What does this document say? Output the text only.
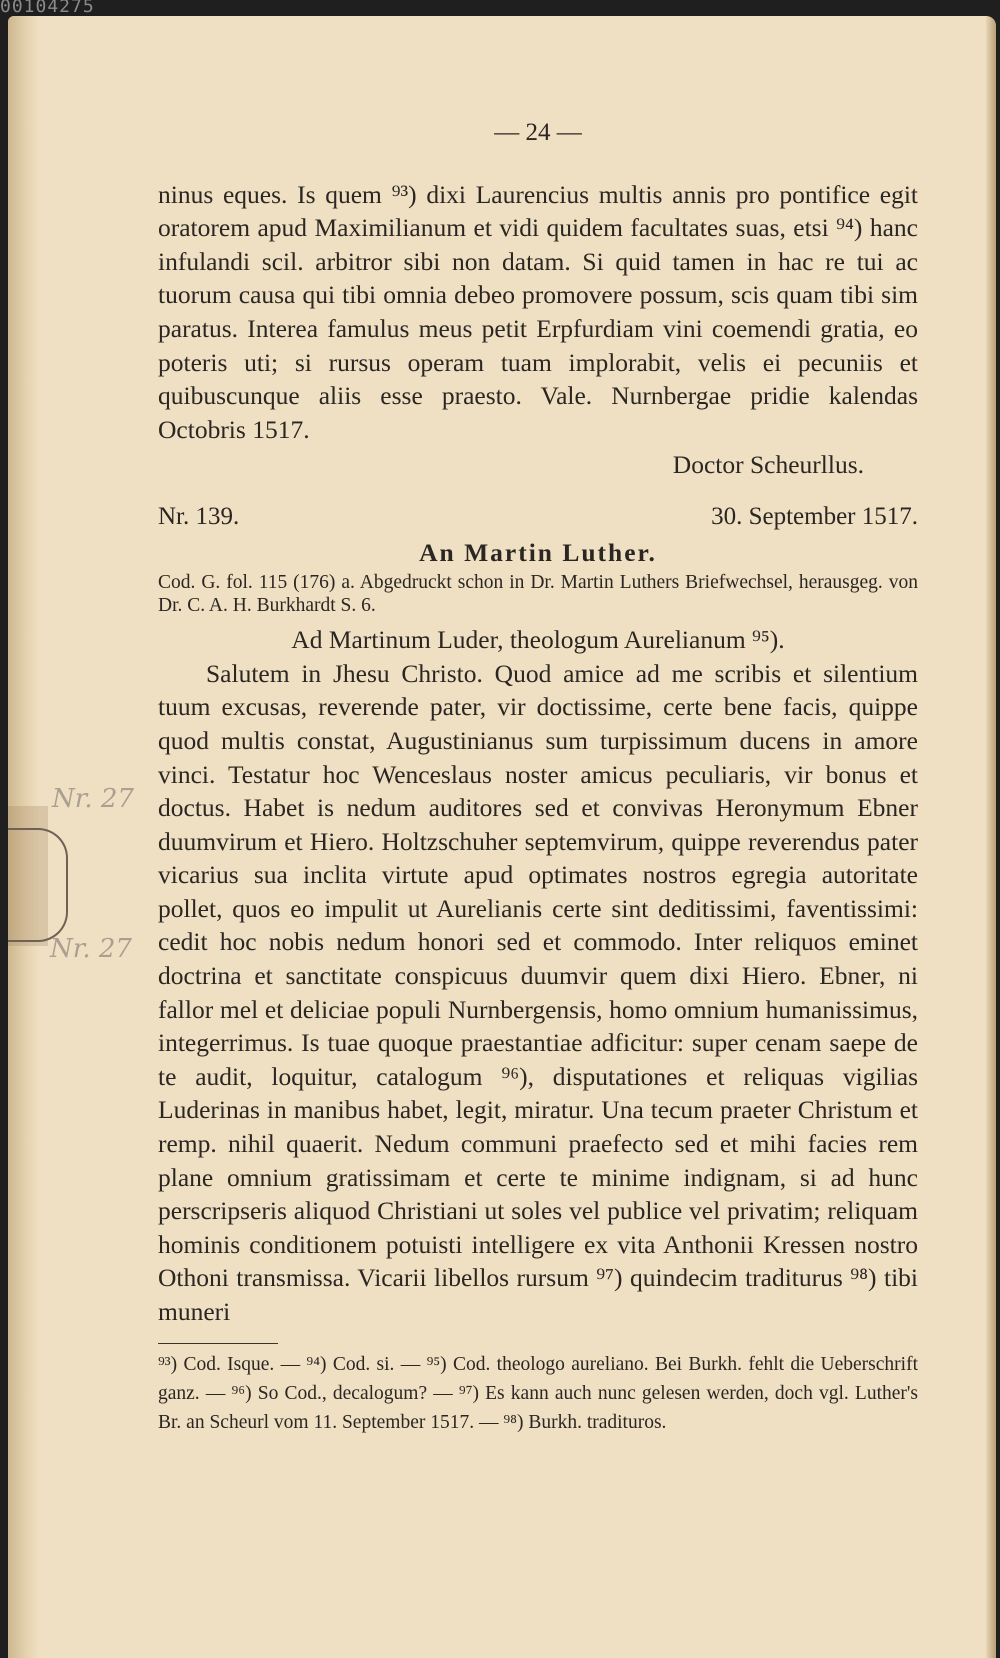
00104275
Nr. 27
Nr. 27
— 24 —

ninus eques. Is quem ⁹³) dixi Laurencius multis annis pro pontifice egit oratorem apud Maximilianum et vidi quidem facultates suas, etsi ⁹⁴) hanc infulandi scil. arbitror sibi non datam. Si quid tamen in hac re tui ac tuorum causa qui tibi omnia debeo promovere possum, scis quam tibi sim paratus. Interea famulus meus petit Erpfurdiam vini coemendi gratia, eo poteris uti; si rursus operam tuam implorabit, velis ei pecuniis et quibuscunque aliis esse praesto. Vale. Nurnbergae pridie kalendas Octobris 1517.

Doctor Scheurllus.
Nr. 139.	30. September 1517.
An Martin Luther.

Cod. G. fol. 115 (176) a. Abgedruckt schon in Dr. Martin Luthers Briefwechsel, herausgeg. von Dr. C. A. H. Burkhardt S. 6.

Ad Martinum Luder, theologum Aurelianum ⁹⁵).

Salutem in Jhesu Christo. Quod amice ad me scribis et silentium tuum excusas, reverende pater, vir doctissime, certe bene facis, quippe quod multis constat, Augustinianus sum turpissimum ducens in amore vinci. Testatur hoc Wenceslaus noster amicus peculiaris, vir bonus et doctus. Habet is nedum auditores sed et convivas Heronymum Ebner duumvirum et Hiero. Holtzschuher septemvirum, quippe reverendus pater vicarius sua inclita virtute apud optimates nostros egregia autoritate pollet, quos eo impulit ut Aurelianis certe sint deditissimi, faventissimi: cedit hoc nobis nedum honori sed et commodo. Inter reliquos eminet doctrina et sanctitate conspicuus duumvir quem dixi Hiero. Ebner, ni fallor mel et deliciae populi Nurnbergensis, homo omnium humanissimus, integerrimus. Is tuae quoque praestantiae adficitur: super cenam saepe de te audit, loquitur, catalogum ⁹⁶), disputationes et reliquas vigilias Luderinas in manibus habet, legit, miratur. Una tecum praeter Christum et remp. nihil quaerit. Nedum communi praefecto sed et mihi facies rem plane omnium gratissimam et certe te minime indignam, si ad hunc perscripseris aliquod Christiani ut soles vel publice vel privatim; reliquam hominis conditionem potuisti intelligere ex vita Anthonii Kressen nostro Othoni transmissa. Vicarii libellos rursum ⁹⁷) quindecim traditurus ⁹⁸) tibi muneri

⁹³) Cod. Isque. — ⁹⁴) Cod. si. — ⁹⁵) Cod. theologo aureliano. Bei Burkh. fehlt die Ueberschrift ganz. — ⁹⁶) So Cod., decalogum? — ⁹⁷) Es kann auch nunc gelesen werden, doch vgl. Luther's Br. an Scheurl vom 11. September 1517. — ⁹⁸) Burkh. tradituros.
